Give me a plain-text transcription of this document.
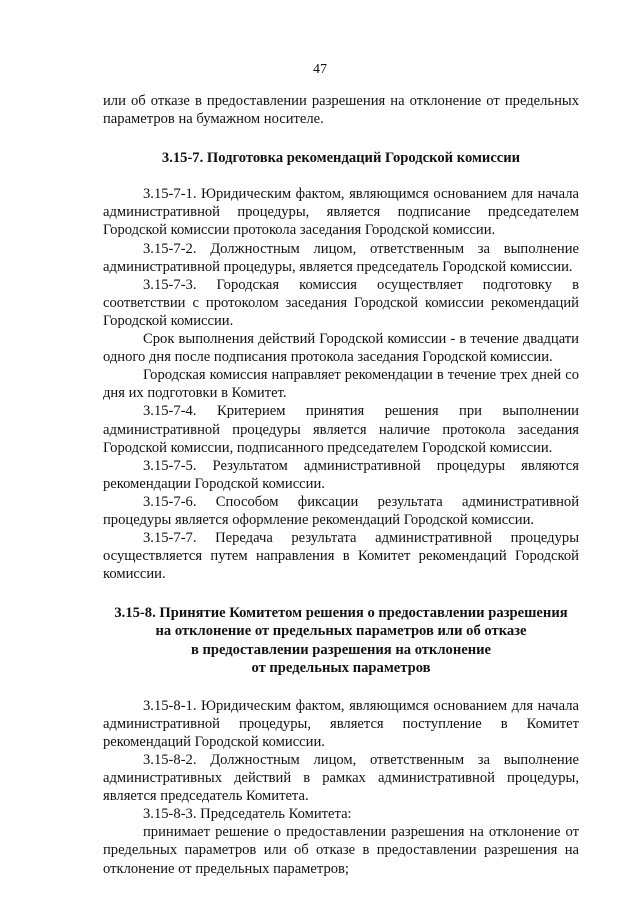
47

или об отказе в предоставлении разрешения на отклонение от предельных параметров на бумажном носителе.

3.15-7. Подготовка рекомендаций Городской комиссии

3.15-7-1. Юридическим фактом, являющимся основанием для начала административной процедуры, является подписание председателем Городской комиссии протокола заседания Городской комиссии.

3.15-7-2. Должностным лицом, ответственным за выполнение административной процедуры, является председатель Городской комиссии.

3.15-7-3. Городская комиссия осуществляет подготовку в соответствии с протоколом заседания Городской комиссии рекомендаций Городской комиссии.

Срок выполнения действий Городской комиссии - в течение двадцати одного дня после подписания протокола заседания Городской комиссии.

Городская комиссия направляет рекомендации в течение трех дней со дня их подготовки в Комитет.

3.15-7-4. Критерием принятия решения при выполнении административной процедуры является наличие протокола заседания Городской комиссии, подписанного председателем Городской комиссии.

3.15-7-5. Результатом административной процедуры являются рекомендации Городской комиссии.

3.15-7-6. Способом фиксации результата административной процедуры является оформление рекомендаций Городской комиссии.

3.15-7-7. Передача результата административной процедуры осуществляется путем направления в Комитет рекомендаций Городской комиссии.

3.15-8. Принятие Комитетом решения о предоставлении разрешения
на отклонение от предельных параметров или об отказе
в предоставлении разрешения на отклонение
от предельных параметров

3.15-8-1. Юридическим фактом, являющимся основанием для начала административной процедуры, является поступление в Комитет рекомендаций Городской комиссии.

3.15-8-2. Должностным лицом, ответственным за выполнение административных действий в рамках административной процедуры, является председатель Комитета.

3.15-8-3. Председатель Комитета:

принимает решение о предоставлении разрешения на отклонение от предельных параметров или об отказе в предоставлении разрешения на отклонение от предельных параметров;
